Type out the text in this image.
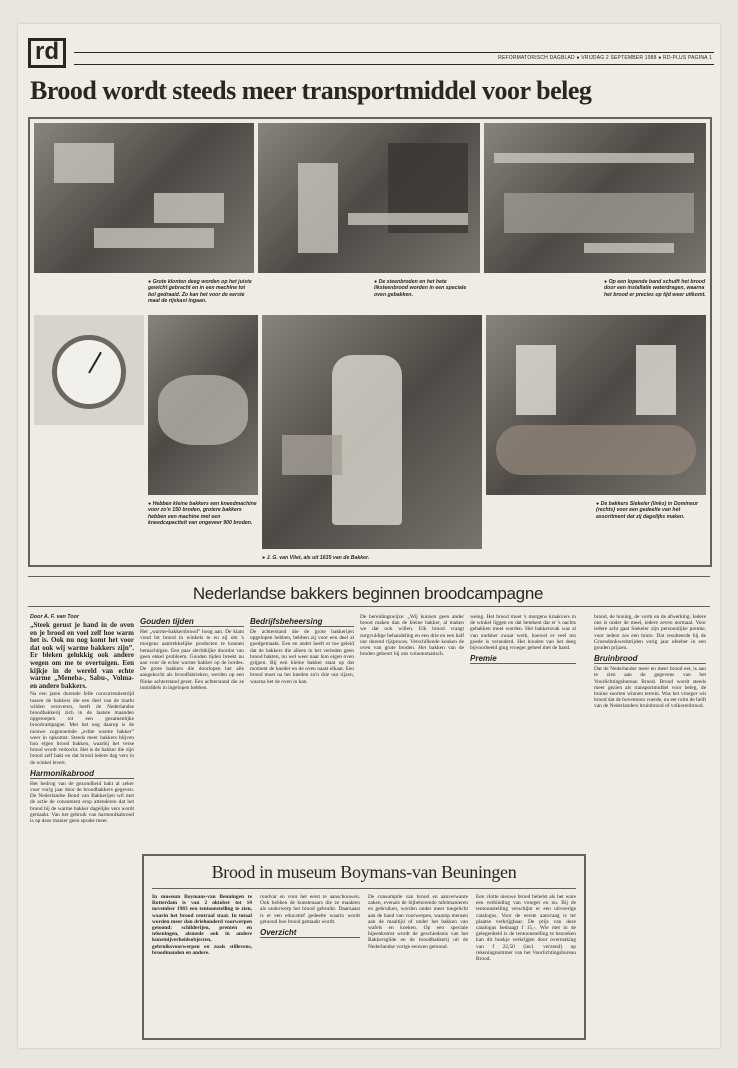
rd	REFORMATORISCH DAGBLAD ● VRIJDAG 2 SEPTEMBER 1988 ● RD-PLUS PAGINA 1
Brood wordt steeds meer transportmiddel voor beleg
● Grote klonten deeg worden op het juiste gewicht gebracht en in een machine tot bol gedraaid. Zo kan het voor de eerste maal de rijskast ingaan.
● De steenbroden en het hete liksteenbrood worden in een speciale oven gebakken.
● Op een lopende band schuift het brood door een installatie waterdragen, waarna het brood er precies op tijd weer uitkomt.
● Hebben kleine bakkers een kneedmachine voor zo'n 150 broden, grotere bakkers hebben een machine met een kneedcapaciteit van ongeveer 900 broden.
● J. G. van Vliet, als uit 1635 van de Bakker.
● De bakkers Siekeler (links) in Domineur (rechts) voor een gedeelte van het assortiment dat zij dagelijks maken.
Nederlandse bakkers beginnen broodcampagne
Door A. F. van Toor

„Steek gerust je hand in de oven en je brood en voel zelf hoe warm het is. Ook nu nog komt het voor dat ook wij warme bakkers zijn”. Er bleken gelukkig ook andere wegen om me te overtuigen. Een kijkje in de wereld van echte warme „Meneba-, Sabu-, Volma- en andere bakkers.

Na een jaren durende felle concurrentiestrijd tussen de bakkers die een deel van de markt wilden veroveren, heeft de Nederlandse broodbakkerij zich in de laatste maanden opgeroepen tot een gezamenlijke broodcampagne. Met het oog daarop is de nieuwe zogenoemde „echte warme bakker” weer in opkomst. Steeds meer bakkers blijven hun eigen brood bakken, waarbij het verse brood wordt verkocht. Het is de bakker die zijn brood zelf bakt en dat brood iedere dag vers in de winkel levert.

Harmonikabrood

Het bedrog van de gezondheid bakt al zeker voor vorig jaar door de broodbakkers gegeven. De Nederlandse Bond van Bakkerijen wil met de actie de consument erop attenderen dat het brood bij de warme bakker dagelijks vers wordt gemaakt. Van het gebruik van harmonikabrood is op deze manier geen sprake meer.

Gouden tijden

Het „warme-bakkersbrood” hoog aan. De klant vond lot brood in winkels te en zij om 's morgens aantrekkelijke producten te kunnen bemachtigen. Een paar slechtkijke doordat van geen enkel probleem. Gouden tijden breekt nu aan voor de echte warme bakker op de bordes. De grote bakkers die doorlopen het alle aangekocht als broodfabrieken, werden op een flinke achterstand gezet. Een achterstand die ze inmiddels in ingelopen hebben.

Bedrijfsbeheersing

De achterstand die de grote bakkerijen opgelopen hebben, hebben zij voor een deel al goedgemaakt. Een en ander heeft er toe geleid dat de bakkers die alleen in het verleden geen brood bakten, nu wel weer naar hun eigen oven grijpen. Bij een kleine bakker staat op dat moment de kneder en de oven naast elkaar. Een brood moet na het kneden zo'n drie uur rijzen, waarna het de oven in kan.

De bereidingswijze: „Wij kunnen geen ander brood maken dan de kleine bakker, al maken we dat ook willen. Elk brood vraagt zorgvuldige behandeling en een drie en een half uur durend rijsproces. Verschillende keuken de oven van grote broden. Het bakken van de broden gebeurt bij ons volautomatisch.

weing. Het brood moet 's morgens kraakvers in de winkel liggen en dat betekent dat er 's nachts gebakken moet worden. Het bakkersvak was al van oudsher zwaar werk, hoewel er veel ten goede is veranderd. Het houden van het deeg bijvoorbeeld ging vroeger geheel met de hand.

Premie

brood, de honing, de vorm en de afwerking. Iedere ons is onder de meel, iedere zeven normaal. Voor iedere acht gaat Siekeler zijn persoonlijke premie, voor iedere zes een bruto. Dat resulteerde bij de Groesdonkwedstrijden vorig jaar ofeeber in een gouden prijzen.

Bruinbrood

Dat de Nederlander meer en meer brood eet, is aan te zien aan de gegevens van het Voorlichtingsbureau Brood. Brood wordt steeds meer gezien als transportmiddel voor beleg, de bruine soorten winnen terrein. Was het vroeger wit brood dat de boventoon voerde, nu eet ruim de helft van de Nederlanders bruinbrood of volkorenbrood.

Brood in museum Boymans-van Beuningen
In museum Boymans-van Beuningen te Rotterdam is van 2 oktober tot 14 november 1983 een tentoonstelling te zien, waarin het brood centraal staat. In totaal worden meer dan driehonderd voorwerpen getoond: schilderijen, prenten en tekeningen, alsmede ook in andere kunstnijverheidsobjecten, gebruiksvoorwerpen en zoals stillevens, broodmanden en andere.

rondvar en voor het eerst te aanschouwen. Ook hebben de kunstenaars die ze maakten als onderwerp het brood gebruikt. Daarnaast is er een educatief gedeelte waarin wordt getoond hoe brood gemaakt wordt.

Overzicht
De consumptie van brood en aanverwante zaken, evenals de bijbehorende tafelmanieren en gebruiken, worden onder meer toegelicht aan de hand van voorwerpen, waarop mensen aan de maaltijd of onder het bakken van wafels en koeken. Op een speciale bijeenkomst wordt de geschiedenis van het Bakkersgilde en de broodbakkerij uit de Nederlandse vorige eeuwen getoond.
Een vlotte nieuwe brood behelst als het ware een verbinding van vroeger en nu. Bij de tentoonstelling verschijnt er een uitvoerige catalogus. Voor de eerste aanvraag is ter plaatse verkrijgbaar. De prijs van deze catalogus bedraagt f 15,-. Wie met in de gelegenheid is de tentoonstelling te bezoeken kan dit boekje verkrijgen door overmaking van f 22,50 (incl. verzend) op rekeningnummer van het Voorlichtingsbureau Brood.
